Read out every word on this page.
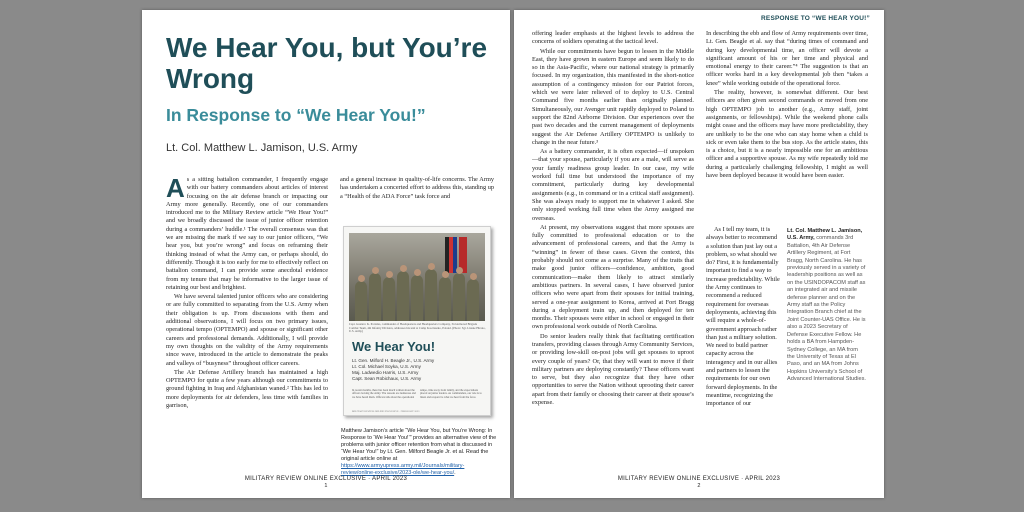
We Hear You, but You’re Wrong
In Response to “We Hear You!”
Lt. Col. Matthew L. Jamison, U.S. Army

As a sitting battalion commander, I frequently engage with our battery commanders about articles of interest focusing on the air defense branch or impacting our Army more generally. Recently, one of our commanders introduced me to the Military Review article “We Hear You!” and we broadly discussed the issue of junior officer retention during a commanders’ huddle.¹ The overall consensus was that we are missing the mark if we say to our junior officers, “We hear you, but you’re wrong” and focus on reframing their thinking instead of what the Army can, or perhaps should, do differently. Though it is too early for me to effectively reflect on battalion command, I can provide some anecdotal evidence from my tenure that may be informative to the larger issue of retaining our best and brightest.

We have several talented junior officers who are considering or are fully committed to separating from the U.S. Army when their obligation is up. From discussions with them and additional observations, I will focus on two primary issues, operational tempo (OPTEMPO) and spouse or significant other careers and professional demands. Additionally, I will provide my own thoughts on the validity of the Army requirements since wave, introduced in the article to demonstrate the peaks and valleys of “busyness” throughout officer careers.

The Air Defense Artillery branch has maintained a high OPTEMPO for quite a few years although our commitments to ground fighting in Iraq and Afghanistan waned.² This has led to more deployments for air defenders, less time with families in garrison,

and a general increase in quality-of-life concerns. The Army has undertaken a concerted effort to address this, standing up a “Health of the ADA Force” task force and

Capt. Gustavo K. Portales, commander of Headquarters and Headquarters Company, 3rd Armored Brigade Combat Team, 4th Infantry Division, addresses his unit at Camp Kosciuszko, Poland. (Photo: Sgt. Lianne Hirano, U.S. Army)
We Hear You!
Lt. Gen. Milford H. Beagle Jr., U.S. Army
Lt. Col. Michael Soyka, U.S. Army
Maj. Ladwedio Harris, U.S. Army
Capt. Sean Robichaux, U.S. Army
In recent months, there has been much written about the officers leaving the Army. The reasons are numerous and we have heard them. Officers talk about the operational tempo, time away from family, and the expectations placed on junior leaders. As commanders, our role is to listen and respond to what we hear from the force.
MILITARY REVIEW ONLINE EXCLUSIVE · FEBRUARY 2023
Matthew Jamison’s article “We Hear You, but You’re Wrong: In Response to ‘We Hear You!’” provides an alternative view of the problems with junior officer retention from what is discussed in “We Hear You!” by Lt. Gen. Milford Beagle Jr. et al. Read the original article online at https://www.armyupress.army.mil/Journals/military-review/online-exclusive/2023-ole/we-hear-you/.
MILITARY REVIEW ONLINE EXCLUSIVE · APRIL 2023
1
RESPONSE TO “WE HEAR YOU!”

offering leader emphasis at the highest levels to address the concerns of soldiers operating at the tactical level.

While our commitments have begun to lessen in the Middle East, they have grown in eastern Europe and seem likely to do so in the Asia-Pacific, where our national strategy is primarily focused. In my organization, this manifested in the short-notice assumption of a contingency mission for our Patriot forces, which we were later relieved of to deploy to U.S. Central Command five months earlier than originally planned. Simultaneously, our Avenger unit rapidly deployed to Poland to support the 82nd Airborne Division. Our experiences over the past two decades and the current management of deployments suggest the Air Defense Artillery OPTEMPO is unlikely to change in the near future.³

As a battery commander, it is often expected—if unspoken—that your spouse, particularly if you are a male, will serve as your family readiness group leader. In our case, my wife worked full time but understood the importance of my commitment, particularly during key developmental assignments (e.g., in command or in a critical staff assignment). She was always ready to support me in whatever I asked. She only stopped working full time when the Army assigned me overseas.

At present, my observations suggest that more spouses are fully committed to professional education or to the advancement of professional careers, and that the Army is “winning” in fewer of these cases. Given the context, this probably should not come as a surprise. Many of the traits that make good junior officers—confidence, ambition, good communication—make them likely to attract similarly ambitious partners. In several cases, I have observed junior officers who were apart from their spouses for initial training, served a one-year assignment to Korea, arrived at Fort Bragg during a deployment train up, and then deployed for ten months. Their spouses were either in school or engaged in their own professional work outside of North Carolina.

Do senior leaders really think that facilitating certification transfers, providing classes through Army Community Services, or providing low-skill on-post jobs will get spouses to uproot every couple of years? Or, that they will want to move if their military partners are deploying constantly? These officers want to serve, but they also recognize that they have other opportunities to serve the Nation without uprooting their career apart from their family or choosing their career at their spouse’s expense.

In describing the ebb and flow of Army requirements over time, Lt. Gen. Beagle et al. say that “during times of command and during key developmental time, an officer will devote a significant amount of his or her time and physical and emotional energy to their career.”⁴ The suggestion is that an officer works hard in a key developmental job then “takes a knee” while working outside of the operational force.

The reality, however, is somewhat different. Our best officers are often given second commands or moved from one high OPTEMPO job to another (e.g., Army staff, joint assignments, or fellowships). While the weekend phone calls might cease and the officers may have more predictability, they are unlikely to be the one who can stay home when a child is sick or even take them to the bus stop. As the article states, this is a choice, but it is a nearly impossible one for an ambitious officer and a supportive spouse. As my wife repeatedly told me during a particularly challenging fellowship, I might as well have been deployed because it would have been easier.

As I tell my team, it is always better to recommend a solution than just lay out a problem, so what should we do? First, it is fundamentally important to find a way to increase predictability. While the Army continues to recommend a reduced requirement for overseas deployments, achieving this will require a whole-of-government approach rather than just a military solution. We need to build partner capacity across the interagency and in our allies and partners to lessen the requirements for our own forward deployments. In the meantime, recognizing the importance of our

Lt. Col. Matthew L. Jamison, U.S. Army, commands 3rd Battalion, 4th Air Defense Artillery Regiment, at Fort Bragg, North Carolina. He has previously served in a variety of leadership positions as well as on the USINDOPACOM staff as an integrated air and missile defense planner and on the Army staff as the Policy Integration Branch chief at the Joint Counter-UAS Office. He is also a 2023 Secretary of Defense Executive Fellow. He holds a BA from Hampden-Sydney College, an MA from the University of Texas at El Paso, and an MA from Johns Hopkins University’s School of Advanced International Studies.
MILITARY REVIEW ONLINE EXCLUSIVE · APRIL 2023
2
